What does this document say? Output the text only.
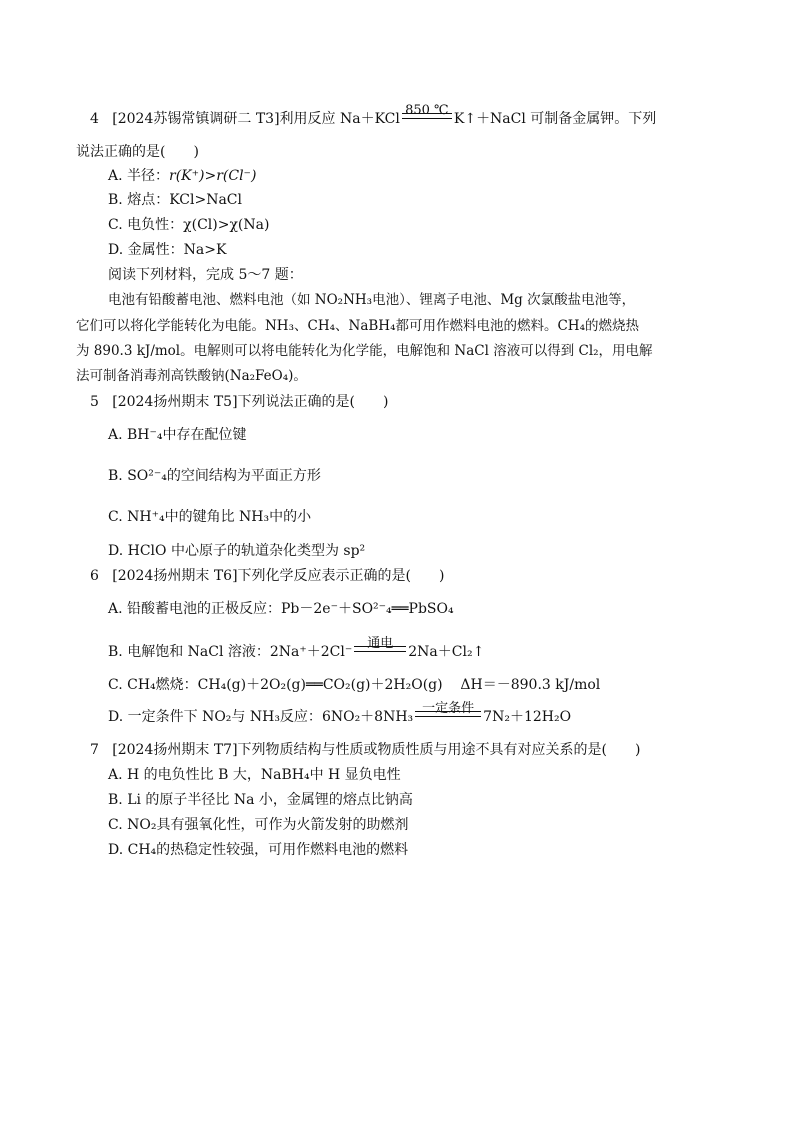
4 [2024苏锡常镇调研二 T3]利用反应 Na＋KCl
850 ℃
K↑＋NaCl 可制备金属钾。下列
说法正确的是(　　)
A. 半径：r(K⁺)>r(Cl⁻)
B. 熔点：KCl>NaCl
C. 电负性：χ(Cl)>χ(Na)
D. 金属性：Na>K
阅读下列材料，完成 5～7 题：
电池有铅酸蓄电池、燃料电池（如 NO₂NH₃电池）、锂离子电池、Mg 次氯酸盐电池等，
它们可以将化学能转化为电能。NH₃、CH₄、NaBH₄都可用作燃料电池的燃料。CH₄的燃烧热
为 890.3 kJ/mol。电解则可以将电能转化为化学能，电解饱和 NaCl 溶液可以得到 Cl₂，用电解
法可制备消毒剂高铁酸钠(Na₂FeO₄)。
5 [2024扬州期末 T5]下列说法正确的是(　　)
A. BH⁻₄中存在配位键
B. SO²⁻₄的空间结构为平面正方形
C. NH⁺₄中的键角比 NH₃中的小
D. HClO 中心原子的轨道杂化类型为 sp²
6 [2024扬州期末 T6]下列化学反应表示正确的是(　　)
A. 铅酸蓄电池的正极反应：Pb－2e⁻＋SO²⁻₄══PbSO₄
B. 电解饱和 NaCl 溶液：2Na⁺＋2Cl⁻
通电
2Na＋Cl₂↑
C. CH₄燃烧：CH₄(g)＋2O₂(g)══CO₂(g)＋2H₂O(g) ΔH＝－890.3 kJ/mol
D. 一定条件下 NO₂与 NH₃反应：6NO₂＋8NH₃
一定条件
7N₂＋12H₂O
7 [2024扬州期末 T7]下列物质结构与性质或物质性质与用途不具有对应关系的是(　　)
A. H 的电负性比 B 大，NaBH₄中 H 显负电性
B. Li 的原子半径比 Na 小，金属锂的熔点比钠高
C. NO₂具有强氧化性，可作为火箭发射的助燃剂
D. CH₄的热稳定性较强，可用作燃料电池的燃料
